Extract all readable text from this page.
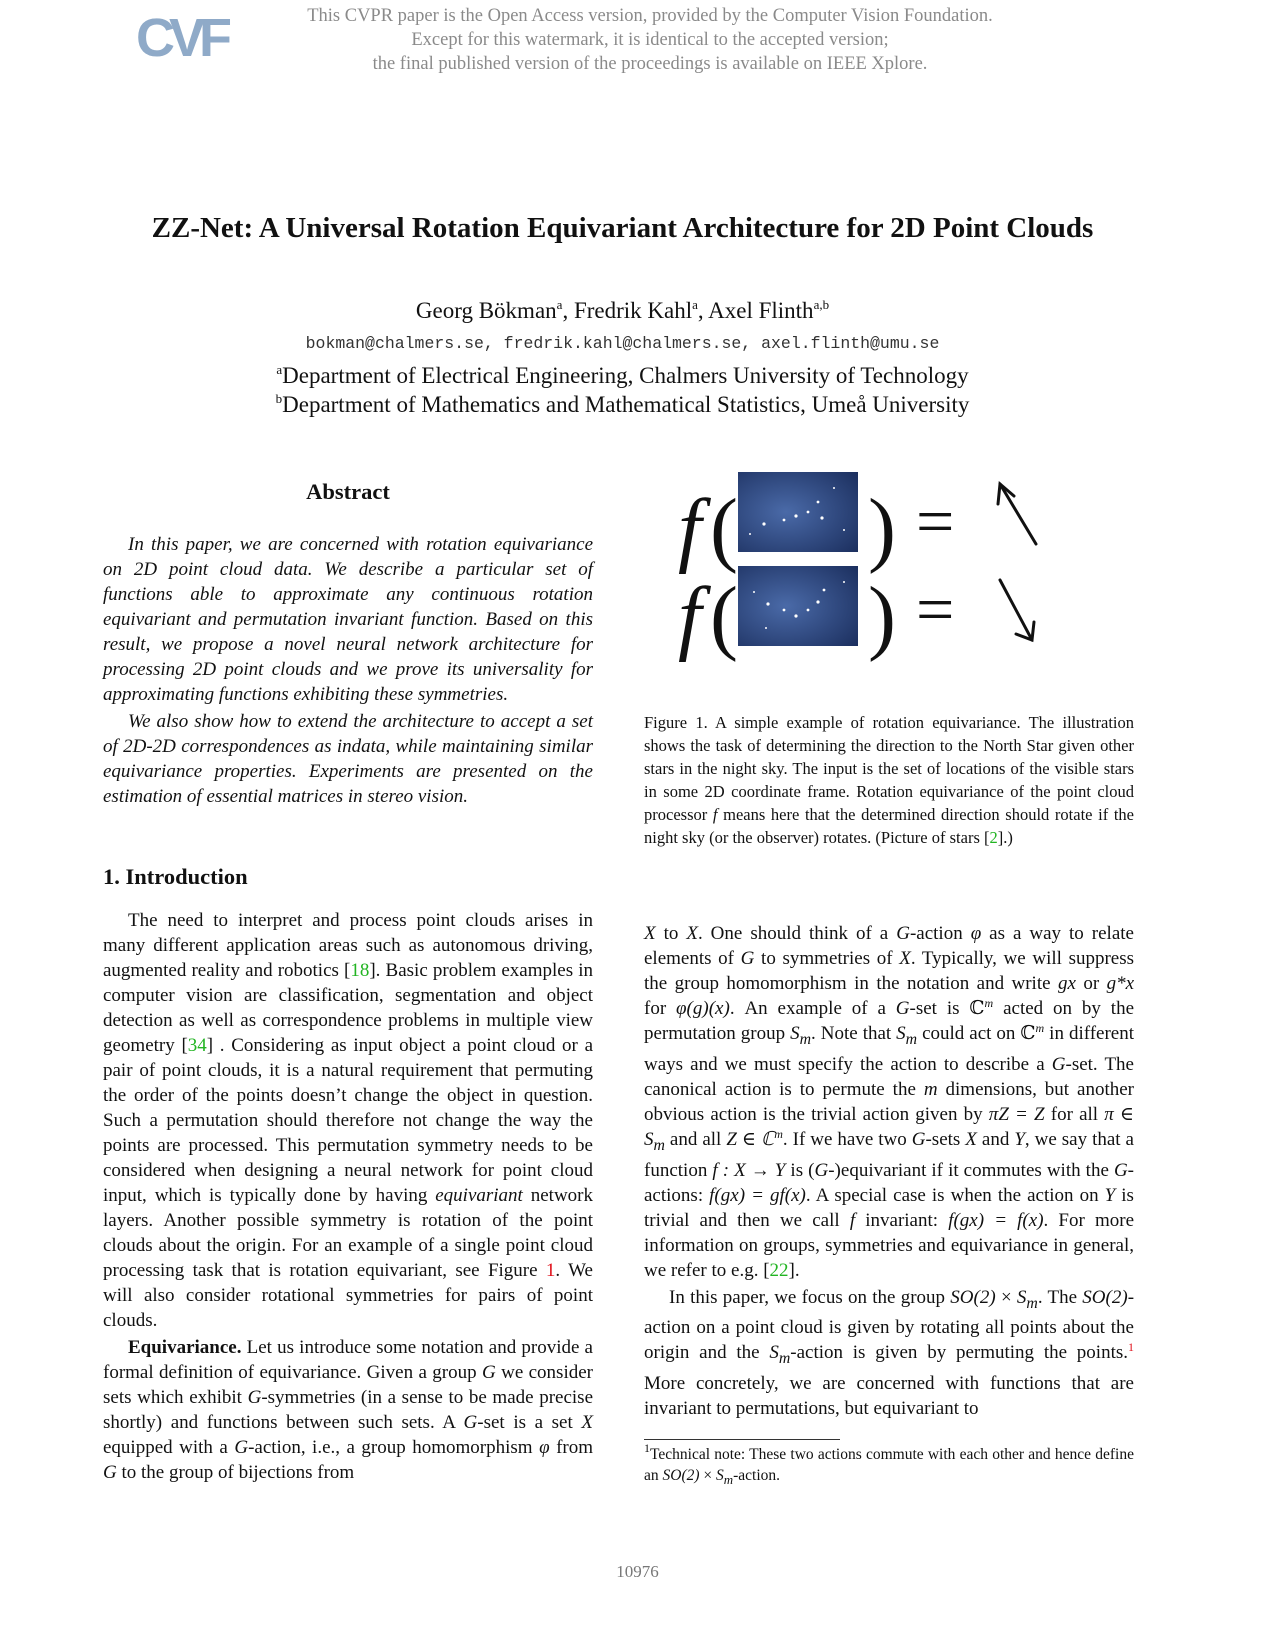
CVF	This CVPR paper is the Open Access version, provided by the Computer Vision Foundation.
Except for this watermark, it is identical to the accepted version;
the final published version of the proceedings is available on IEEE Xplore.
ZZ-Net: A Universal Rotation Equivariant Architecture for 2D Point Clouds
Georg Bökman$^a$, Fredrik Kahl$^a$, Axel Flinth$^{a,b}$
bokman@chalmers.se, fredrik.kahl@chalmers.se, axel.flinth@umu.se
$^a$Department of Electrical Engineering, Chalmers University of Technology
$^b$Department of Mathematics and Mathematical Statistics, Umeå University
Abstract

In this paper, we are concerned with rotation equivariance on 2D point cloud data. We describe a particular set of functions able to approximate any continuous rotation equivariant and permutation invariant function. Based on this result, we propose a novel neural network architecture for processing 2D point clouds and we prove its universality for approximating functions exhibiting these symmetries.

We also show how to extend the architecture to accept a set of 2D-2D correspondences as indata, while maintaining similar equivariance properties. Experiments are presented on the estimation of essential matrices in stereo vision.

f ( ) =
f ( ) =
Figure 1. A simple example of rotation equivariance. The illustration shows the task of determining the direction to the North Star given other stars in the night sky. The input is the set of locations of the visible stars in some 2D coordinate frame. Rotation equivariance of the point cloud processor f means here that the determined direction should rotate if the night sky (or the observer) rotates. (Picture of stars [2].)
1. Introduction

The need to interpret and process point clouds arises in many different application areas such as autonomous driving, augmented reality and robotics [18]. Basic problem examples in computer vision are classification, segmentation and object detection as well as correspondence problems in multiple view geometry [34] . Considering as input object a point cloud or a pair of point clouds, it is a natural requirement that permuting the order of the points doesn’t change the object in question. Such a permutation should therefore not change the way the points are processed. This permutation symmetry needs to be considered when designing a neural network for point cloud input, which is typically done by having equivariant network layers. Another possible symmetry is rotation of the point clouds about the origin. For an example of a single point cloud processing task that is rotation equivariant, see Figure 1. We will also consider rotational symmetries for pairs of point clouds.

Equivariance. Let us introduce some notation and provide a formal definition of equivariance. Given a group G we consider sets which exhibit G-symmetries (in a sense to be made precise shortly) and functions between such sets. A G-set is a set X equipped with a G-action, i.e., a group homomorphism φ from G to the group of bijections from

X to X. One should think of a G-action φ as a way to relate elements of G to symmetries of X. Typically, we will suppress the group homomorphism in the notation and write gx or g*x for φ(g)(x). An example of a G-set is ℂ$^m$ acted on by the permutation group $S_m$. Note that $S_m$ could act on ℂ$^m$ in different ways and we must specify the action to describe a G-set. The canonical action is to permute the m dimensions, but another obvious action is the trivial action given by πZ = Z for all π ∈ $S_m$ and all Z ∈ ℂ$^m$. If we have two G-sets X and Y, we say that a function f : X → Y is (G-)equivariant if it commutes with the G-actions: f(gx) = gf(x). A special case is when the action on Y is trivial and then we call f invariant: f(gx) = f(x). For more information on groups, symmetries and equivariance in general, we refer to e.g. [22].

In this paper, we focus on the group $SO(2) \times S_m$. The SO(2)-action on a point cloud is given by rotating all points about the origin and the $S_m$-action is given by permuting the points.$^1$ More concretely, we are concerned with functions that are invariant to permutations, but equivariant to

$^1$Technical note: These two actions commute with each other and hence define an $SO(2) \times S_m$-action.
10976
